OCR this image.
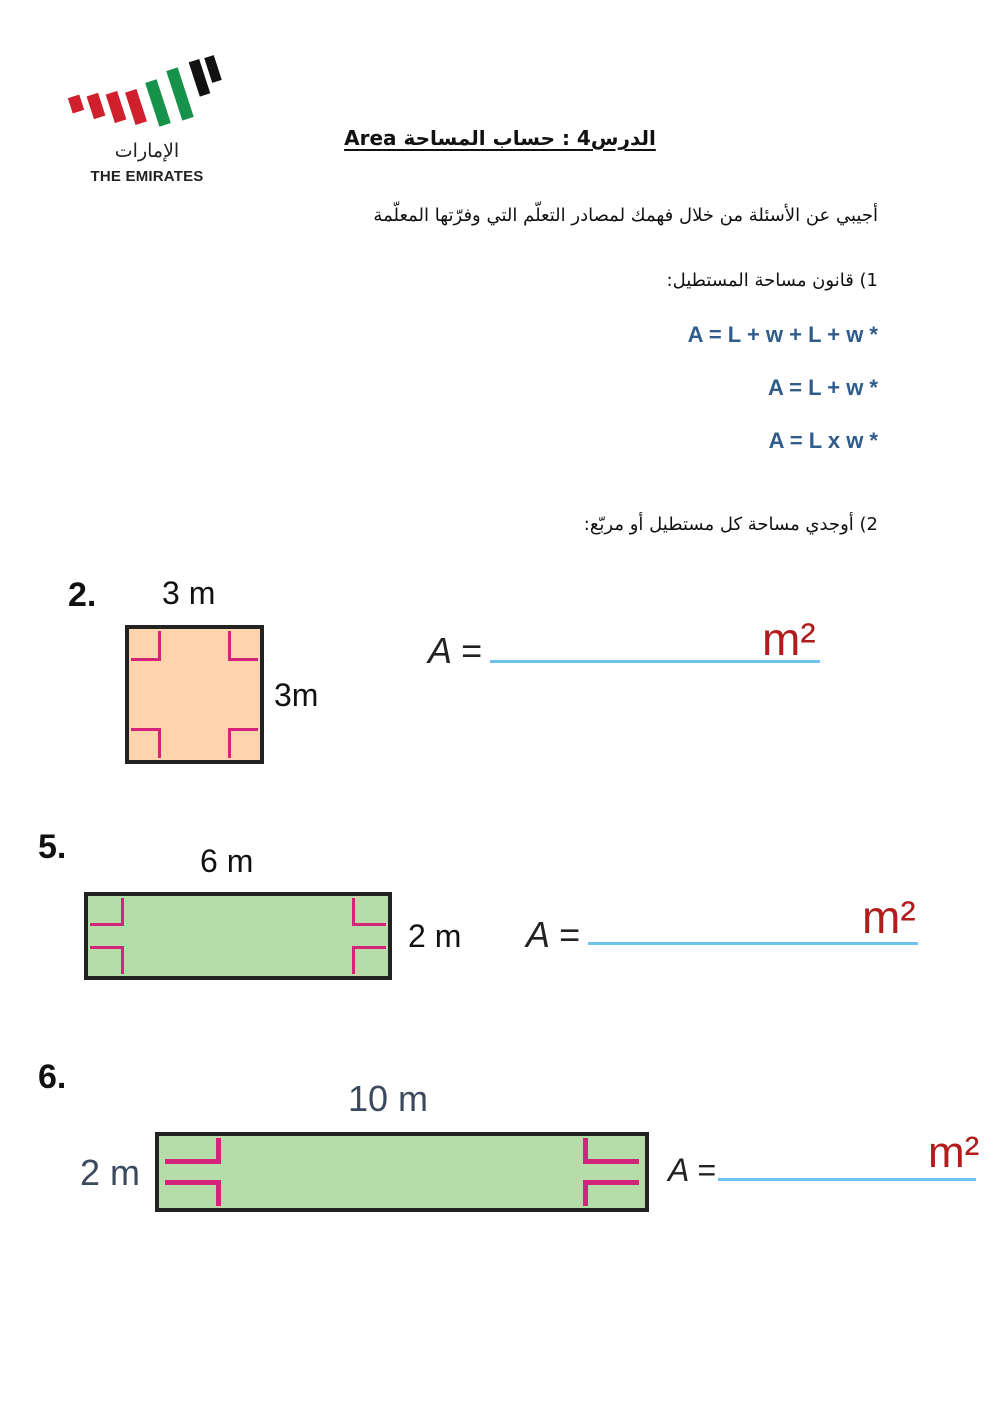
الإمارات
THE EMIRATES
الدرس4 : حساب المساحة Area
أجيبي عن الأسئلة من خلال فهمك لمصادر التعلّم التي وفرّتها المعلّمة
1) قانون مساحة المستطيل:
A = L + w + L + w *
A = L + w *
A = L x w *
2) أوجدي مساحة كل مستطيل أو مربّع:
2. 3 m
3m
A =	m²
5.	6 m
2 m A =	m²
6.
10 m
2 m	A =	m²
